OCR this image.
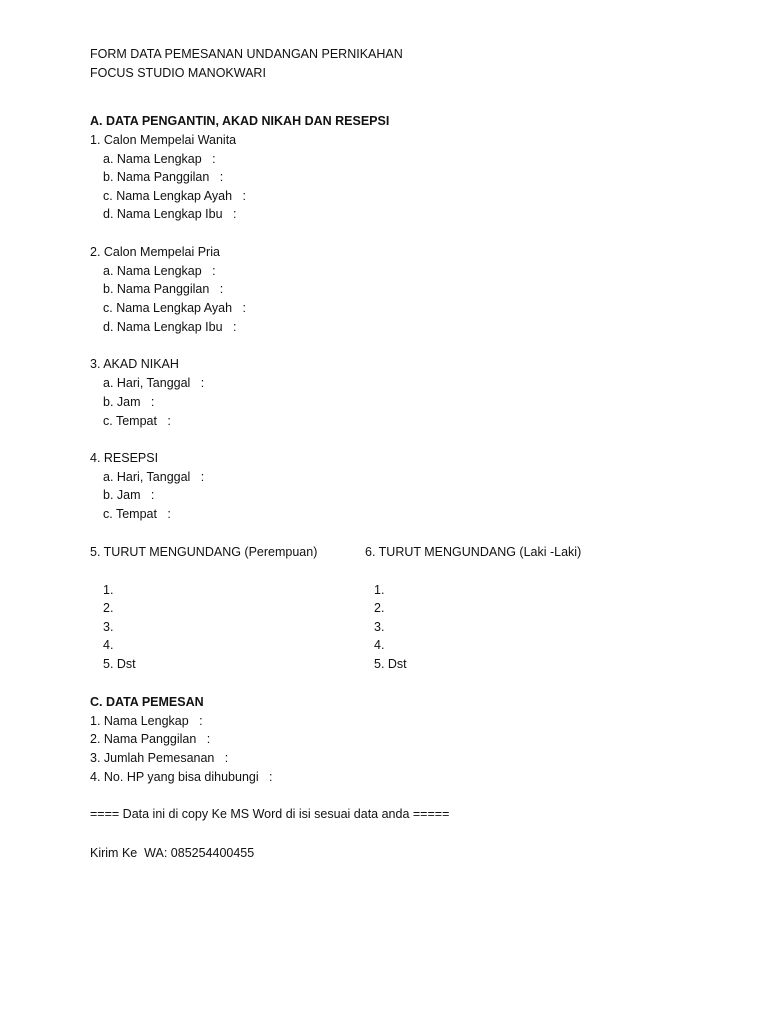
FORM DATA PEMESANAN UNDANGAN PERNIKAHAN
FOCUS STUDIO MANOKWARI
A. DATA PENGANTIN, AKAD NIKAH DAN RESEPSI
1. Calon Mempelai Wanita
a. Nama Lengkap   :
b. Nama Panggilan   :
c. Nama Lengkap Ayah   :
d. Nama Lengkap Ibu   :
2. Calon Mempelai Pria
a. Nama Lengkap   :
b. Nama Panggilan   :
c. Nama Lengkap Ayah   :
d. Nama Lengkap Ibu   :
3. AKAD NIKAH
a. Hari, Tanggal   :
b. Jam   :
c. Tempat   :
4. RESEPSI
a. Hari, Tanggal   :
b. Jam   :
c. Tempat   :
5. TURUT MENGUNDANG (Perempuan)	6. TURUT MENGUNDANG (Laki -Laki)
1.
2.
3.
4.
5. Dst
1.
2.
3.
4.
5. Dst
C. DATA PEMESAN
1. Nama Lengkap   :
2. Nama Panggilan   :
3. Jumlah Pemesanan   :
4. No. HP yang bisa dihubungi   :
==== Data ini di copy Ke MS Word di isi sesuai data anda =====
Kirim Ke  WA: 085254400455
